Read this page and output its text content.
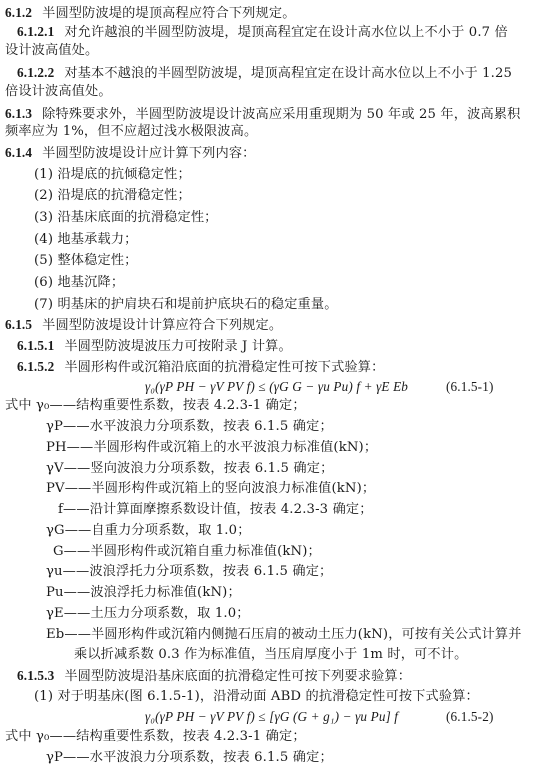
6.1.2 半圆型防波堤的堤顶高程应符合下列规定。
6.1.2.1 对允许越浪的半圆型防波堤，堤顶高程宜定在设计高水位以上不小于 0.7 倍
设计波高值处。
6.1.2.2 对基本不越浪的半圆型防波堤，堤顶高程宜定在设计高水位以上不小于 1.25
倍设计波高值处。
6.1.3 除特殊要求外，半圆型防波堤设计波高应采用重现期为 50 年或 25 年，波高累积
频率应为 1%，但不应超过浅水极限波高。
6.1.4 半圆型防波堤设计应计算下列内容：
(1) 沿堤底的抗倾稳定性；
(2) 沿堤底的抗滑稳定性；
(3) 沿基床底面的抗滑稳定性；
(4) 地基承载力；
(5) 整体稳定性；
(6) 地基沉降；
(7) 明基床的护肩块石和堤前护底块石的稳定重量。
6.1.5 半圆型防波堤设计计算应符合下列规定。
6.1.5.1 半圆型防波堤波压力可按附录 J 计算。
6.1.5.2 半圆形构件或沉箱沿底面的抗滑稳定性可按下式验算：
γ₀(γP PH − γV PV f) ≤ (γG G − γu Pu) f + γE Eb	(6.1.5-1)
式中 γ₀——结构重要性系数，按表 4.2.3-1 确定；
γP——水平波浪力分项系数，按表 6.1.5 确定；
PH——半圆形构件或沉箱上的水平波浪力标准值(kN)；
γV——竖向波浪力分项系数，按表 6.1.5 确定；
PV——半圆形构件或沉箱上的竖向波浪力标准值(kN)；
f——沿计算面摩擦系数设计值，按表 4.2.3-3 确定；
γG——自重力分项系数，取 1.0；
G——半圆形构件或沉箱自重力标准值(kN)；
γu——波浪浮托力分项系数，按表 6.1.5 确定；
Pu——波浪浮托力标准值(kN)；
γE——土压力分项系数，取 1.0；
Eb——半圆形构件或沉箱内侧抛石压肩的被动土压力(kN)，可按有关公式计算并
乘以折减系数 0.3 作为标准值，当压肩厚度小于 1m 时，可不计。
6.1.5.3 半圆型防波堤沿基床底面的抗滑稳定性可按下列要求验算：
(1) 对于明基床(图 6.1.5-1)，沿滑动面 ABD 的抗滑稳定性可按下式验算：
γ₀(γP PH − γV PV f) ≤ [γG (G + g₁) − γu Pu] f	(6.1.5-2)
式中 γ₀——结构重要性系数，按表 4.2.3-1 确定；
γP——水平波浪力分项系数，按表 6.1.5 确定；
